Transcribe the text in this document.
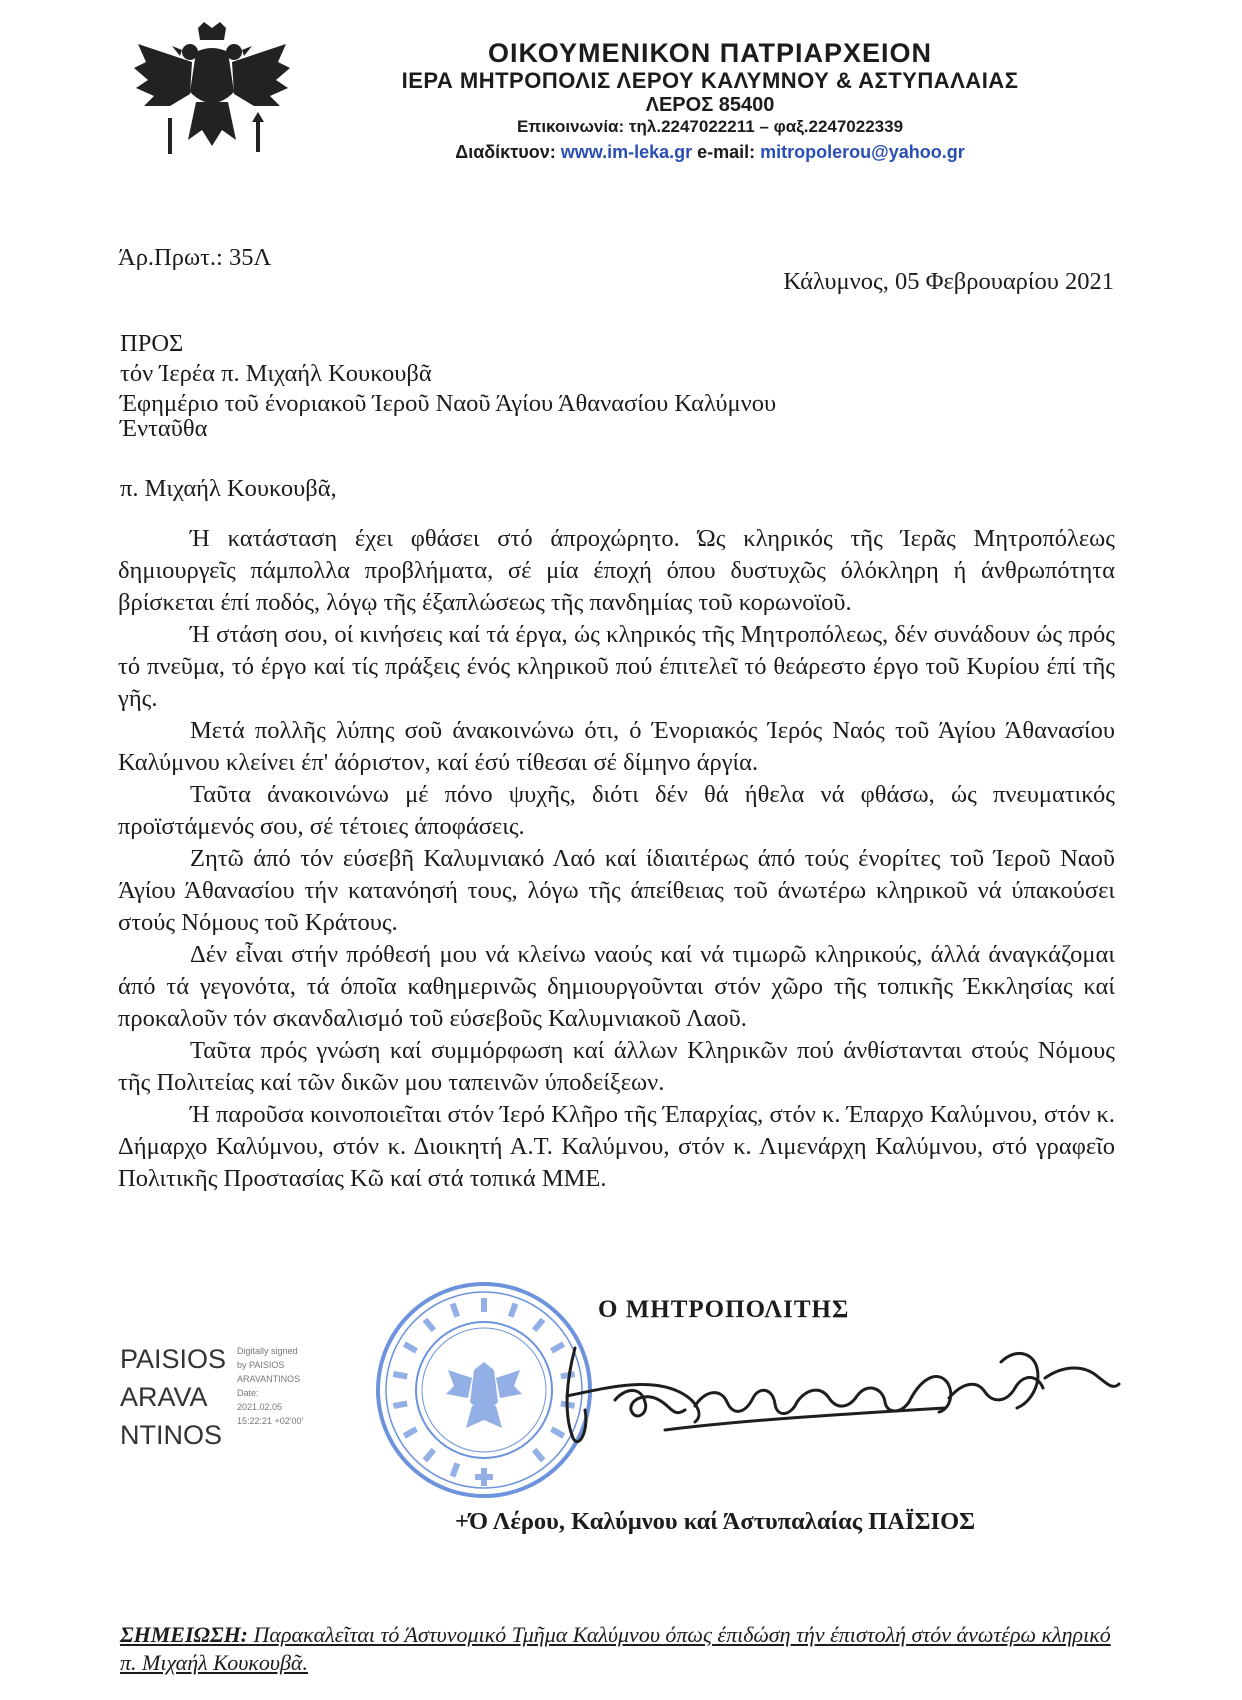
ΟΙΚΟΥΜΕΝΙΚΟΝ ΠΑΤΡΙΑΡΧΕΙΟΝ
ΙΕΡΑ ΜΗΤΡΟΠΟΛΙΣ ΛΕΡΟΥ ΚΑΛΥΜΝΟΥ & ΑΣΤΥΠΑΛΑΙΑΣ
ΛΕΡΟΣ 85400
Επικοινωνία: τηλ.2247022211 – φαξ.2247022339
Διαδίκτυον: www.im-leka.gr e-mail: mitropolerou@yahoo.gr
Άρ.Πρωτ.: 35Λ
Κάλυμνος, 05 Φεβρουαρίου 2021
ΠΡΟΣ
τόν Ίερέα π. Μιχαήλ Κουκουβᾶ
Έφημέριο τοῦ ένοριακοῦ Ίεροῦ Ναοῦ Άγίου Άθανασίου Καλύμνου
Ένταῦθα
π. Μιχαήλ Κουκουβᾶ,

Ή κατάσταση έχει φθάσει στό άπροχώρητο. Ώς κληρικός τῆς Ίερᾶς Μητροπόλεως δημιουργεῖς πάμπολλα προβλήματα, σέ μία έποχή όπου δυστυχῶς όλόκληρη ή άνθρωπότητα βρίσκεται έπί ποδός, λόγῳ τῆς έξαπλώσεως τῆς πανδημίας τοῦ κορωνοϊοῦ.

Ή στάση σου, οί κινήσεις καί τά έργα, ώς κληρικός τῆς Μητροπόλεως, δέν συνάδουν ώς πρός τό πνεῦμα, τό έργο καί τίς πράξεις ένός κληρικοῦ πού έπιτελεῖ τό θεάρεστο έργο τοῦ Κυρίου έπί τῆς γῆς.

Μετά πολλῆς λύπης σοῦ άνακοινώνω ότι, ό Ένοριακός Ίερός Ναός τοῦ Άγίου Άθανασίου Καλύμνου κλείνει έπ' άόριστον, καί έσύ τίθεσαι σέ δίμηνο άργία.

Ταῦτα άνακοινώνω μέ πόνο ψυχῆς, διότι δέν θά ήθελα νά φθάσω, ώς πνευματικός προϊστάμενός σου, σέ τέτοιες άποφάσεις.

Ζητῶ άπό τόν εύσεβῆ Καλυμνιακό Λαό καί ίδιαιτέρως άπό τούς ένορίτες τοῦ Ίεροῦ Ναοῦ Άγίου Άθανασίου τήν κατανόησή τους, λόγω τῆς άπείθειας τοῦ άνωτέρω κληρικοῦ νά ύπακούσει στούς Νόμους τοῦ Κράτους.

Δέν εἶναι στήν πρόθεσή μου νά κλείνω ναούς καί νά τιμωρῶ κληρικούς, άλλά άναγκάζομαι άπό τά γεγονότα, τά όποῖα καθημερινῶς δημιουργοῦνται στόν χῶρο τῆς τοπικῆς Έκκλησίας καί προκαλοῦν τόν σκανδαλισμό τοῦ εύσεβοῦς Καλυμνιακοῦ Λαοῦ.

Ταῦτα πρός γνώση καί συμμόρφωση καί άλλων Κληρικῶν πού άνθίστανται στούς Νόμους τῆς Πολιτείας καί τῶν δικῶν μου ταπεινῶν ύποδείξεων.

Ή παροῦσα κοινοποιεῖται στόν Ίερό Κλῆρο τῆς Έπαρχίας, στόν κ. Έπαρχο Καλύμνου, στόν κ. Δήμαρχο Καλύμνου, στόν κ. Διοικητή Α.Τ. Καλύμνου, στόν κ. Λιμενάρχη Καλύμνου, στό γραφεῖο Πολιτικῆς Προστασίας Κῶ καί στά τοπικά ΜΜΕ.

Ο ΜΗΤΡΟΠΟΛΙΤΗΣ
PAISIOS
ARAVA
NTINOS
Digitally signed
by PAISIOS
ARAVANTINOS
Date:
2021.02.05
15:22:21 +02'00'
+Ό Λέρου, Καλύμνου καί Άστυπαλαίας ΠΑΪΣΙΟΣ
ΣΗΜΕΙΩΣΗ: Παρακαλεῖται τό Άστυνομικό Τμῆμα Καλύμνου όπως έπιδώση τήν έπιστολή στόν άνωτέρω κληρικό π. Μιχαήλ Κουκουβᾶ.
